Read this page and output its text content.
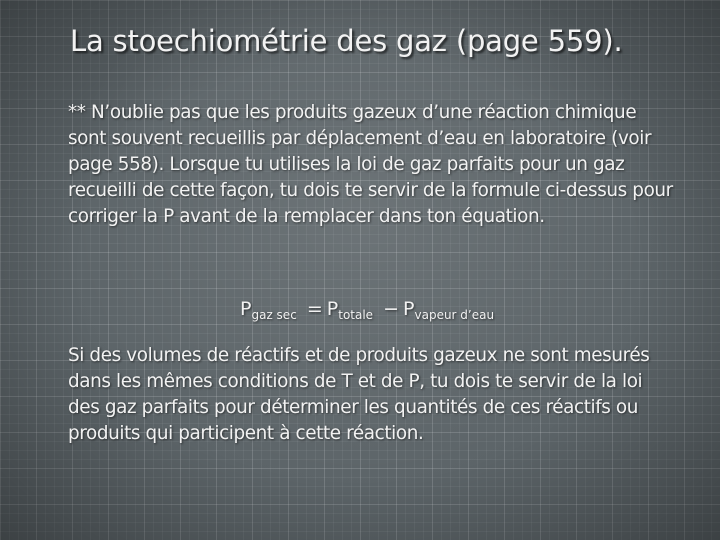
La stoechiométrie des gaz (page 559).

** N’oublie pas que les produits gazeux d’une réaction chimique sont souvent recueillis par déplacement d’eau en laboratoire (voir page 558). Lorsque tu utilises la loi de gaz parfaits pour un gaz recueilli de cette façon, tu dois te servir de la formule ci-dessus pour corriger la P avant de la remplacer dans ton équation.

$P_{gaz sec} = P_{totale} - P_{vapeur d’eau}$

Si des volumes de réactifs et de produits gazeux ne sont mesurés dans les mêmes conditions de T et de P, tu dois te servir de la loi des gaz parfaits pour déterminer les quantités de ces réactifs ou produits qui participent à cette réaction.
